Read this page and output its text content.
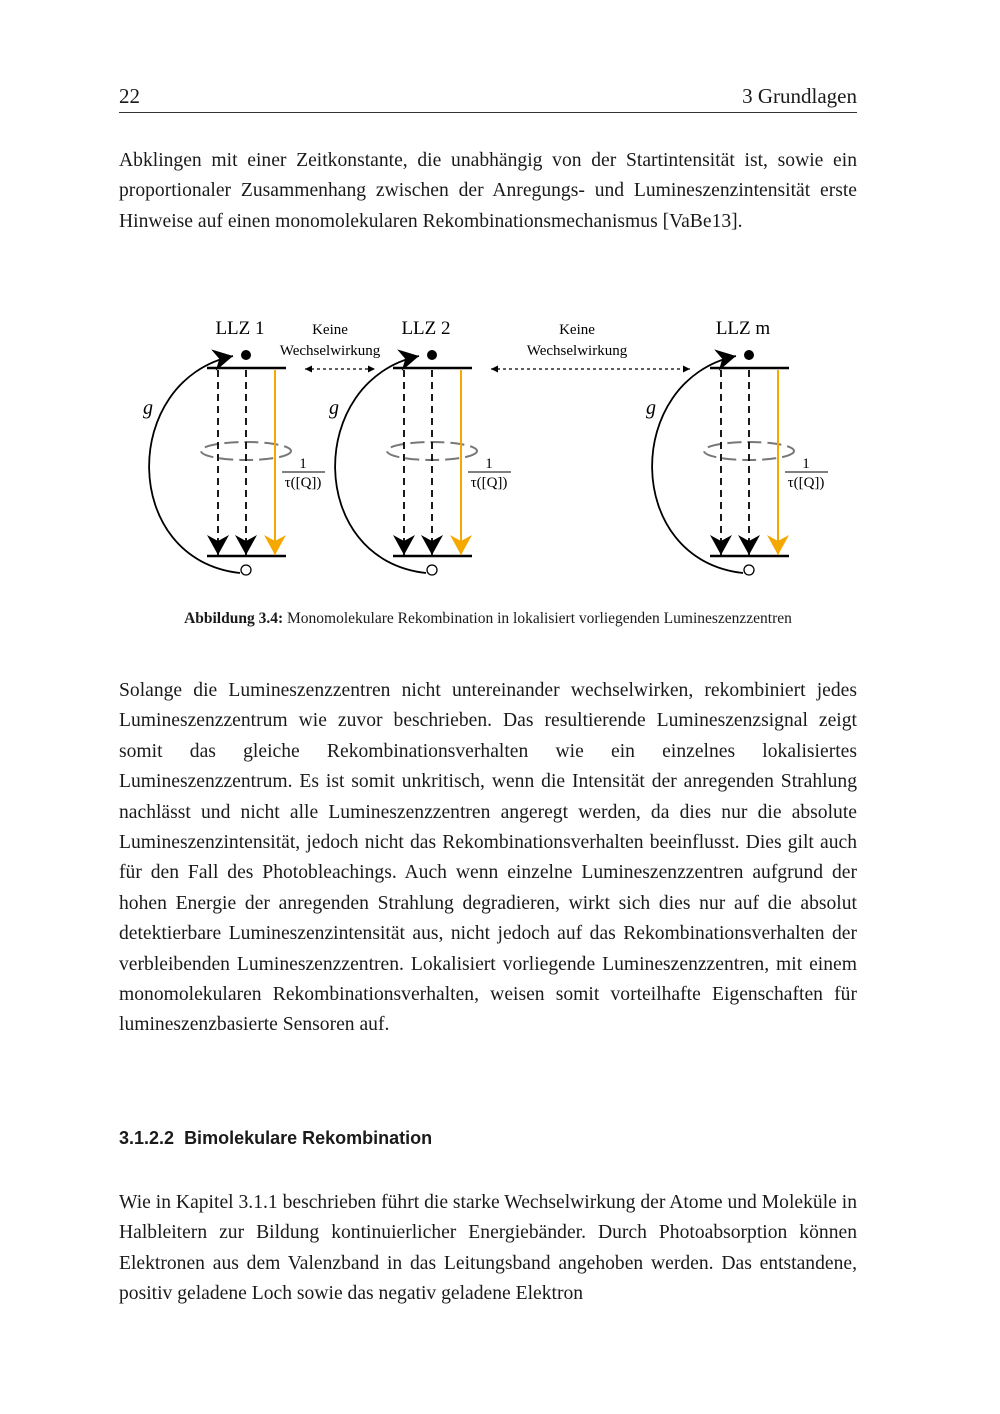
22	3 Grundlagen
Abklingen mit einer Zeitkonstante, die unabhängig von der Startintensität ist, sowie ein proportionaler Zusammenhang zwischen der Anregungs- und Lumineszenzintensität erste Hinweise auf einen monomolekularen Rekombinationsmechanismus [VaBe13].
LLZ 1
g
1
τ([Q])
LLZ 2
g
1
τ([Q])
LLZ m
g
1
τ([Q])
Keine
Wechselwirkung
Keine
Wechselwirkung
Abbildung 3.4: Monomolekulare Rekombination in lokalisiert vorliegenden Lumineszenzzentren
Solange die Lumineszenzzentren nicht untereinander wechselwirken, rekombiniert jedes Lumineszenzzentrum wie zuvor beschrieben. Das resultierende Lumineszenzsignal zeigt somit das gleiche Rekombinationsverhalten wie ein einzelnes lokalisiertes Lumineszenzzentrum. Es ist somit unkritisch, wenn die Intensität der anregenden Strahlung nachlässt und nicht alle Lumineszenzzentren angeregt werden, da dies nur die absolute Lumineszenzintensität, jedoch nicht das Rekombinationsverhalten beeinflusst. Dies gilt auch für den Fall des Photobleachings. Auch wenn einzelne Lumineszenzzentren aufgrund der hohen Energie der anregenden Strahlung degradieren, wirkt sich dies nur auf die absolut detektierbare Lumineszenzintensität aus, nicht jedoch auf das Rekombinationsverhalten der verbleibenden Lumineszenzzentren. Lokalisiert vorliegende Lumineszenzzentren, mit einem monomolekularen Rekombinationsverhalten, weisen somit vorteilhafte Eigenschaften für lumineszenzbasierte Sensoren auf.
3.1.2.2 Bimolekulare Rekombination
Wie in Kapitel 3.1.1 beschrieben führt die starke Wechselwirkung der Atome und Moleküle in Halbleitern zur Bildung kontinuierlicher Energiebänder. Durch Photoabsorption können Elektronen aus dem Valenzband in das Leitungsband angehoben werden. Das entstandene, positiv geladene Loch sowie das negativ geladene Elektron
